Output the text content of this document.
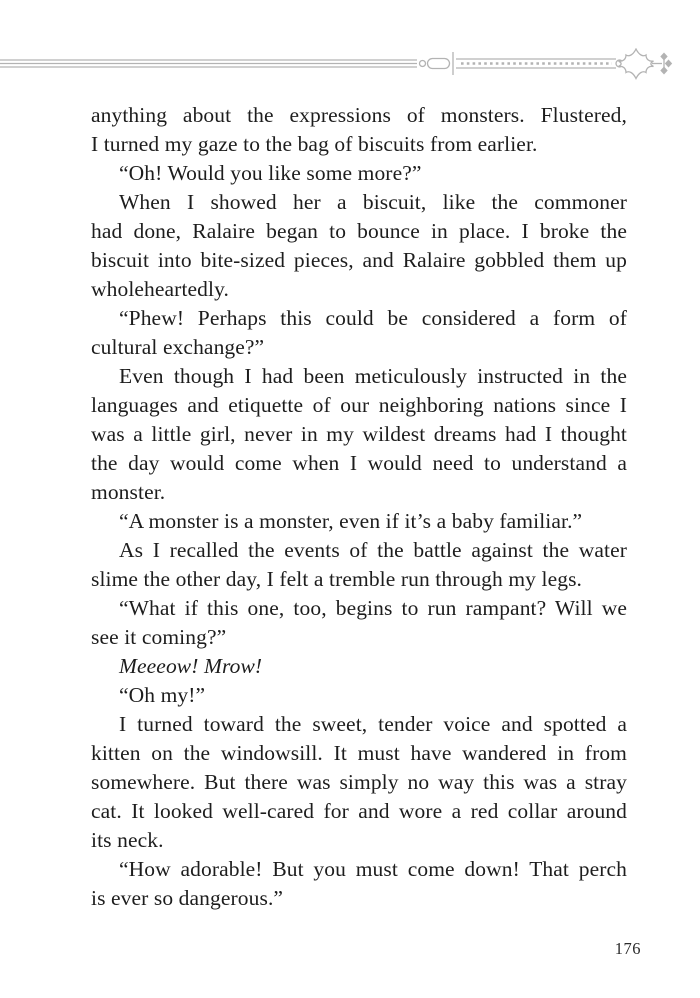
anything about the expressions of monsters. Flustered,
I turned my gaze to the bag of biscuits from earlier.
“Oh! Would you like some more?”
When I showed her a biscuit, like the commoner
had done, Ralaire began to bounce in place. I broke the
biscuit into bite-sized pieces, and Ralaire gobbled them up
wholeheartedly.
“Phew! Perhaps this could be considered a form of
cultural exchange?”
Even though I had been meticulously instructed in the
languages and etiquette of our neighboring nations since I
was a little girl, never in my wildest dreams had I thought
the day would come when I would need to understand a
monster.
“A monster is a monster, even if it’s a baby familiar.”
As I recalled the events of the battle against the water
slime the other day, I felt a tremble run through my legs.
“What if this one, too, begins to run rampant? Will we
see it coming?”
Meeeow! Mrow!
“Oh my!”
I turned toward the sweet, tender voice and spotted a
kitten on the windowsill. It must have wandered in from
somewhere. But there was simply no way this was a stray
cat. It looked well-cared for and wore a red collar around
its neck.
“How adorable! But you must come down! That perch
is ever so dangerous.”
176
